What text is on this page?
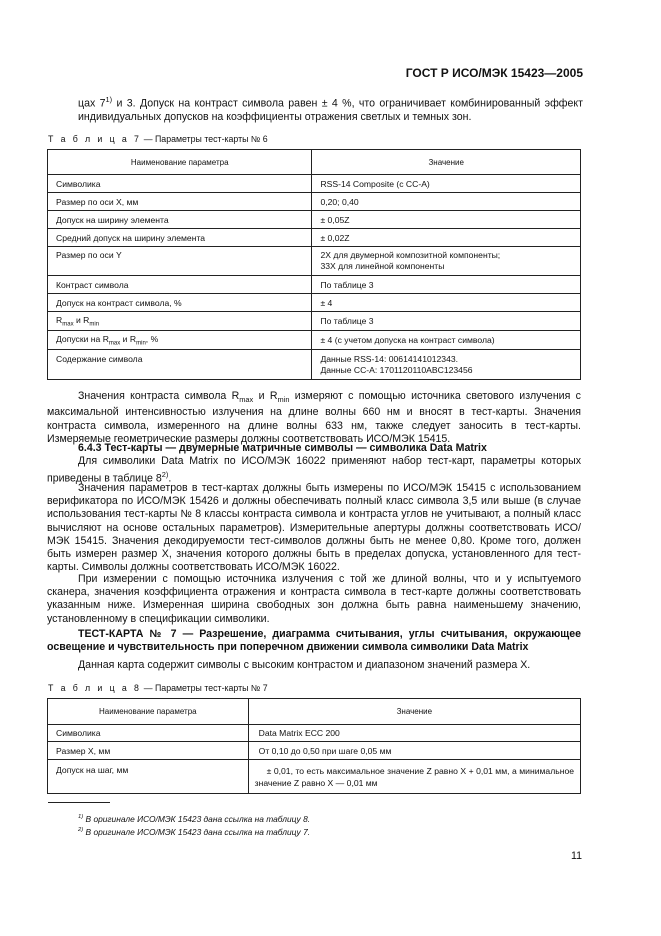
ГОСТ Р ИСО/МЭК 15423—2005
цах 7$^{1)}$ и 3. Допуск на контраст символа равен ± 4 %, что ограничивает комбинированный эффект индивидуальных допусков на коэффициенты отражения светлых и темных зон.
Т а б л и ц а 7 — Параметры тест-карты № 6
Наименование параметра	Значение
Символика	RSS-14 Composite (с CC-A)
Размер по оси X, мм	0,20; 0,40
Допуск на ширину элемента	± 0,05Z
Средний допуск на ширину элемента	± 0,02Z
Размер по оси Y	2X для двумерной композитной компоненты;
33X для линейной компоненты

Контраст символа	По таблице 3
Допуск на контраст символа, %	± 4
$R_{max}$ и $R_{min}$	По таблице 3
Допуски на $R_{max}$ и $R_{min}$, %	± 4 (с учетом допуска на контраст символа)
Содержание символа	Данные RSS-14: 00614141012343.
Данные CC-A: 1701120110ABC123456
Значения контраста символа $R_{max}$ и $R_{min}$ измеряют с помощью источника светового излучения с максимальной интенсивностью излучения на длине волны 660 нм и вносят в тест-карты. Значения контраста символа, измеренного на длине волны 633 нм, также следует заносить в тест-карты. Измеряемые геометрические размеры должны соответствовать ИСО/МЭК 15415.
6.4.3 Тест-карты — двумерные матричные символы — символика Data Matrix
Для символики Data Matrix по ИСО/МЭК 16022 применяют набор тест-карт, параметры которых приведены в таблице 8$^{2)}$.
Значения параметров в тест-картах должны быть измерены по ИСО/МЭК 15415 с использованием верификатора по ИСО/МЭК 15426 и должны обеспечивать полный класс символа 3,5 или выше (в случае использования тест-карты № 8 классы контраста символа и контраста углов не учитывают, а полный класс вычисляют на основе остальных параметров). Измерительные апертуры должны соответствовать ИСО/МЭК 15415. Значения декодируемости тест-символов должны быть не менее 0,80. Кроме того, должен быть измерен размер X, значения которого должны быть в пределах допуска, установленного для тест-карты. Символы должны соответствовать ИСО/МЭК 16022.
При измерении с помощью источника излучения с той же длиной волны, что и у испытуемого сканера, значения коэффициента отражения и контраста символа в тест-карте должны соответствовать указанным ниже. Измеренная ширина свободных зон должна быть равна наименьшему значению, установленному в спецификации символики.
ТЕСТ-КАРТА № 7 — Разрешение, диаграмма считывания, углы считывания, окружающее освещение и чувствительность при поперечном движении символа символики Data Matrix
Данная карта содержит символы с высоким контрастом и диапазоном значений размера X.
Т а б л и ц а 8 — Параметры тест-карты № 7
Наименование параметра	Значение
Символика	Data Matrix ECC 200
Размер X, мм	От 0,10 до 0,50 при шаге 0,05 мм
Допуск на шаг, мм	± 0,01, то есть максимальное значение Z равно X + 0,01 мм, а минимальное значение Z равно X — 0,01 мм
$^{1)}$ В оригинале ИСО/МЭК 15423 дана ссылка на таблицу 8.
$^{2)}$ В оригинале ИСО/МЭК 15423 дана ссылка на таблицу 7.
11
